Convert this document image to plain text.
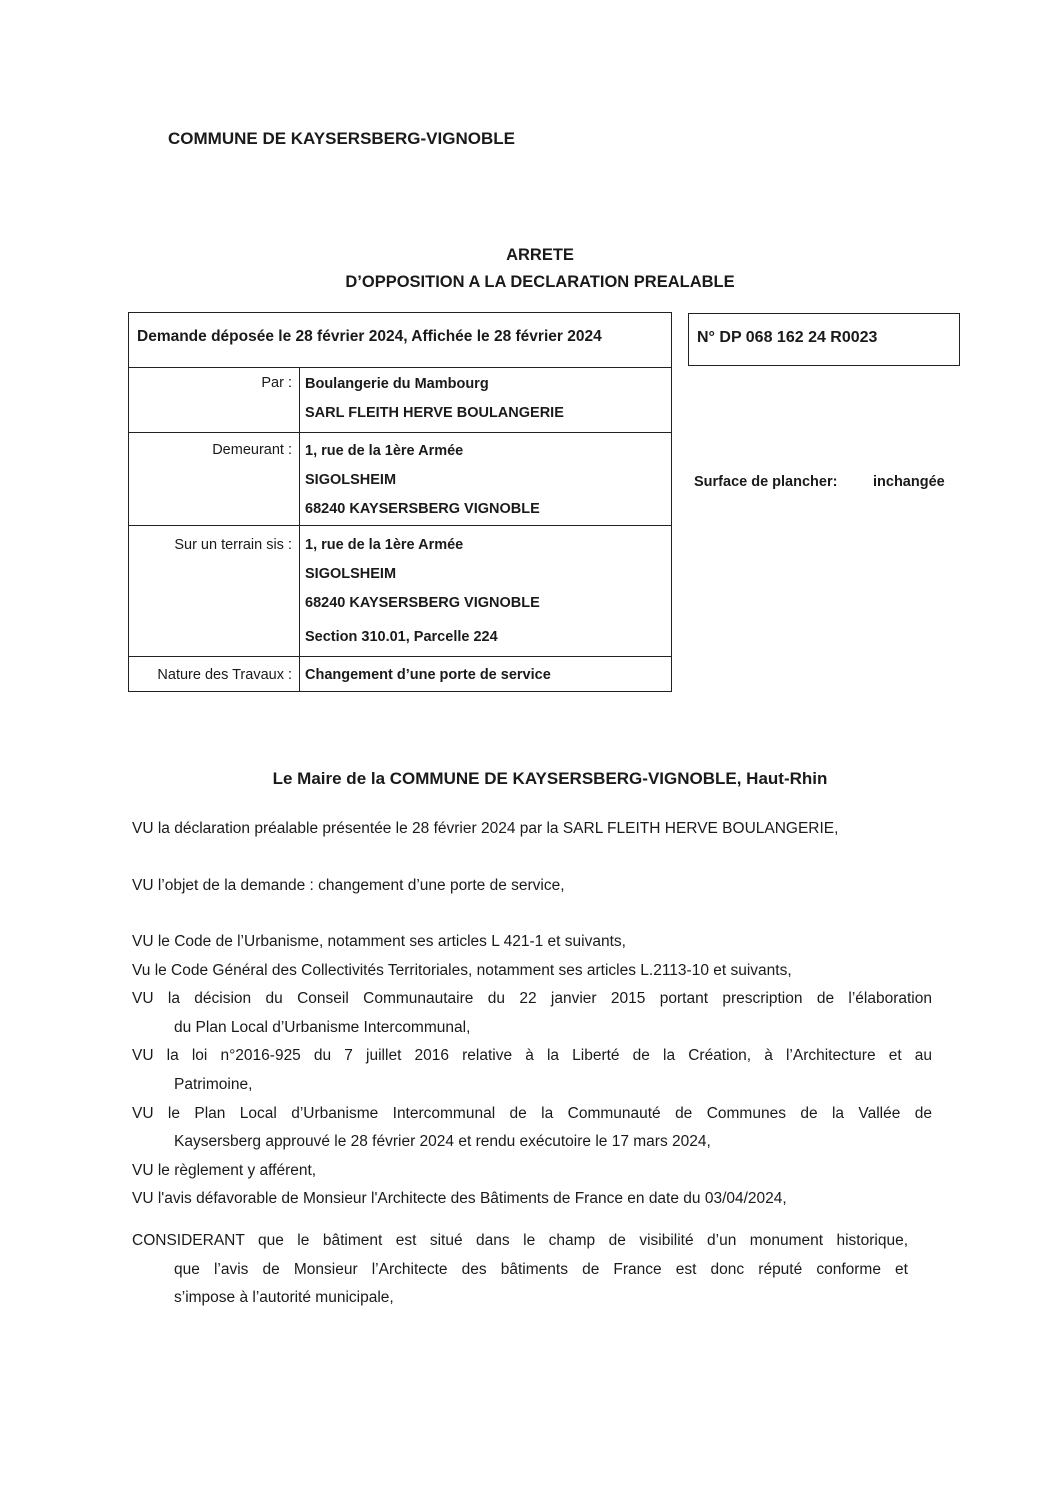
COMMUNE DE KAYSERSBERG-VIGNOBLE
ARRETE
D’OPPOSITION A LA DECLARATION PREALABLE
Demande déposée le 28 février 2024, Affichée le 28 février 2024
Par : Boulangerie du Mambourg
SARL FLEITH HERVE BOULANGERIE
Demeurant : 1, rue de la 1ère Armée
SIGOLSHEIM
68240 KAYSERSBERG VIGNOBLE
Sur un terrain sis : 1, rue de la 1ère Armée
SIGOLSHEIM
68240 KAYSERSBERG VIGNOBLE
Section 310.01, Parcelle 224
Nature des Travaux : Changement d’une porte de service
N° DP 068 162 24 R0023
Surface de plancher: inchangée
Le Maire de la COMMUNE DE KAYSERSBERG-VIGNOBLE, Haut-Rhin
VU la déclaration préalable présentée le 28 février 2024 par la SARL FLEITH HERVE BOULANGERIE,
VU l’objet de la demande : changement d’une porte de service,
VU le Code de l’Urbanisme, notamment ses articles L 421-1 et suivants,
Vu le Code Général des Collectivités Territoriales, notamment ses articles L.2113-10 et suivants,
VU la décision du Conseil Communautaire du 22 janvier 2015 portant prescription de l’élaboration
du Plan Local d’Urbanisme Intercommunal,
VU la loi n°2016-925 du 7 juillet 2016 relative à la Liberté de la Création, à l’Architecture et au
Patrimoine,
VU le Plan Local d’Urbanisme Intercommunal de la Communauté de Communes de la Vallée de
Kaysersberg approuvé le 28 février 2024 et rendu exécutoire le 17 mars 2024,
VU le règlement y afférent,
VU l'avis défavorable de Monsieur l'Architecte des Bâtiments de France en date du 03/04/2024,
CONSIDERANT que le bâtiment est situé dans le champ de visibilité d’un monument historique,
que l’avis de Monsieur l’Architecte des bâtiments de France est donc réputé conforme et
s’impose à l’autorité municipale,
